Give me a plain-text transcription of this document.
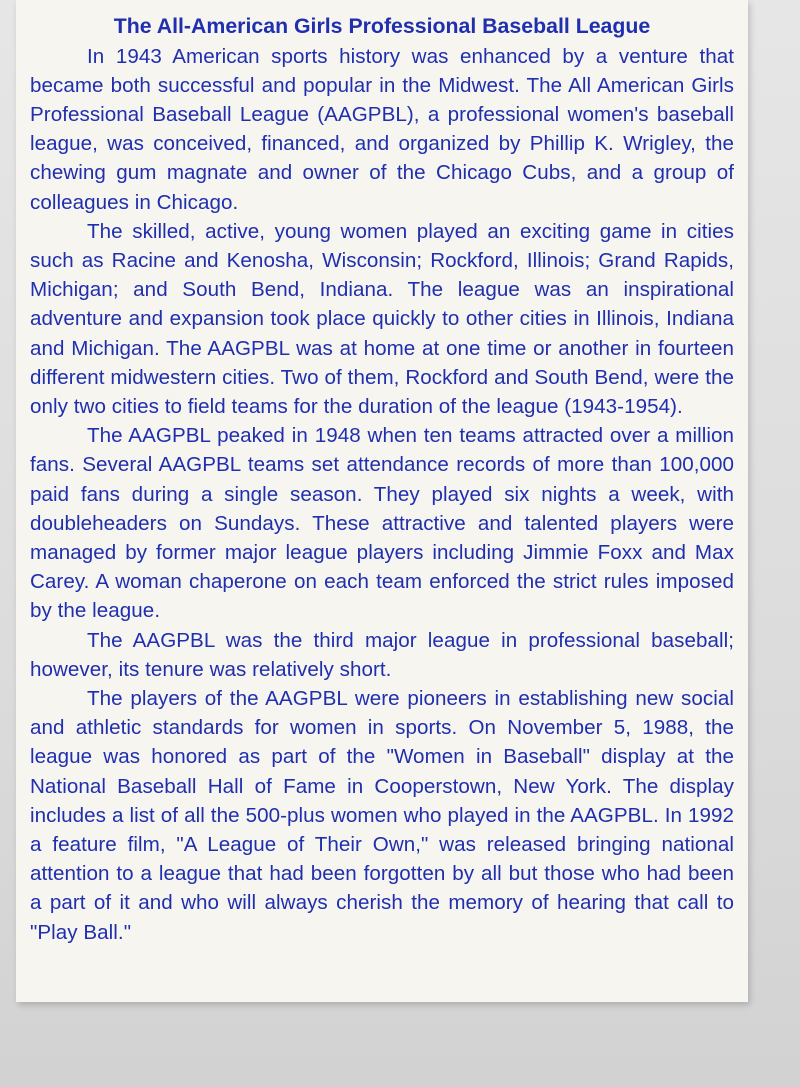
The All-American Girls Professional Baseball League

In 1943 American sports history was enhanced by a venture that became both successful and popular in the Midwest. The All American Girls Professional Baseball League (AAGPBL), a professional women's baseball league, was conceived, financed, and organized by Phillip K. Wrigley, the chewing gum magnate and owner of the Chicago Cubs, and a group of colleagues in Chicago.

The skilled, active, young women played an exciting game in cities such as Racine and Kenosha, Wisconsin; Rockford, Illinois; Grand Rapids, Michigan; and South Bend, Indiana. The league was an inspirational adventure and expansion took place quickly to other cities in Illinois, Indiana and Michigan. The AAGPBL was at home at one time or another in fourteen different midwestern cities. Two of them, Rockford and South Bend, were the only two cities to field teams for the duration of the league (1943-1954).

The AAGPBL peaked in 1948 when ten teams attracted over a million fans. Several AAGPBL teams set attendance records of more than 100,000 paid fans during a single season. They played six nights a week, with doubleheaders on Sundays. These attractive and talented players were managed by former major league players including Jimmie Foxx and Max Carey. A woman chaperone on each team enforced the strict rules imposed by the league.

The AAGPBL was the third major league in professional baseball; however, its tenure was relatively short.

The players of the AAGPBL were pioneers in establishing new social and athletic standards for women in sports. On November 5, 1988, the league was honored as part of the "Women in Baseball" display at the National Baseball Hall of Fame in Cooperstown, New York. The display includes a list of all the 500-plus women who played in the AAGPBL. In 1992 a feature film, "A League of Their Own," was released bringing national attention to a league that had been forgotten by all but those who had been a part of it and who will always cherish the memory of hearing that call to "Play Ball."
